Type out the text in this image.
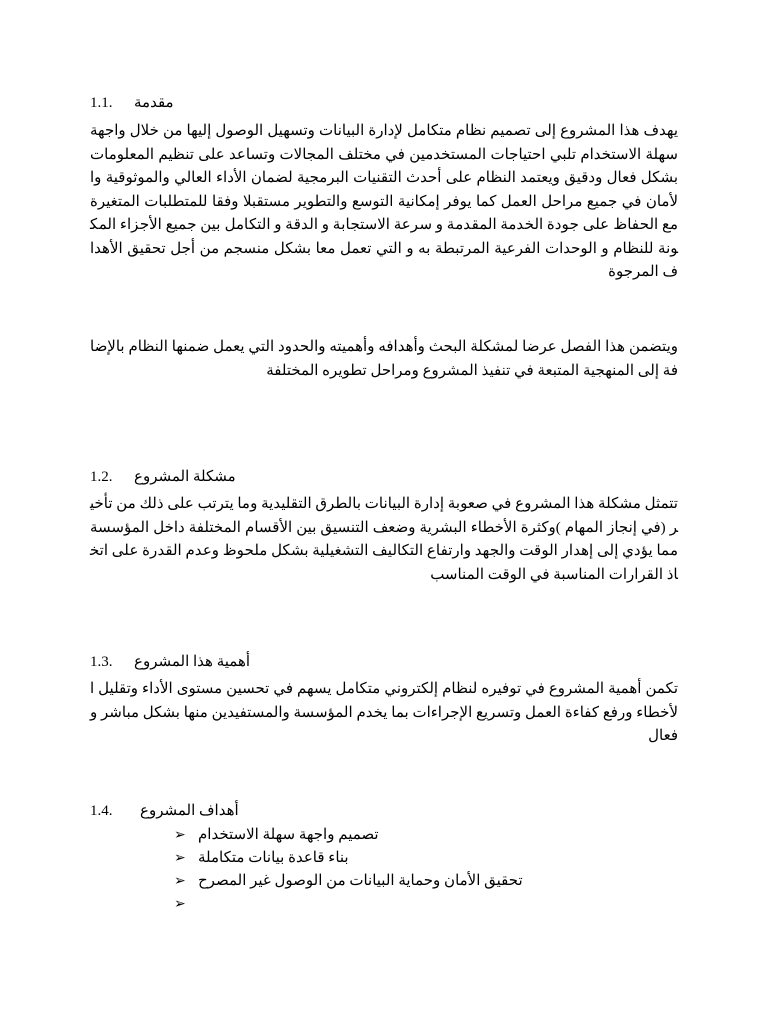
1.1.	مقدمة
يهدف هذا المشروع إلى تصميم نظام متكامل لإدارة البيانات وتسهيل الوصول إليها من خلال واجهة سهلة الاستخدام تلبي احتياجات المستخدمين في مختلف المجالات وتساعد على تنظيم المعلومات بشكل فعال ودقيق ويعتمد النظام على أحدث التقنيات البرمجية لضمان الأداء العالي والموثوقية والأمان في جميع مراحل العمل كما يوفر إمكانية التوسع والتطوير مستقبلا وفقا للمتطلبات المتغيرة مع الحفاظ على جودة الخدمة المقدمة و سرعة الاستجابة و الدقة و التكامل بين جميع الأجزاء المكونة للنظام و الوحدات الفرعية المرتبطة به و التي تعمل معا بشكل منسجم من أجل تحقيق الأهداف المرجوة
ويتضمن هذا الفصل عرضا لمشكلة البحث وأهدافه وأهميته والحدود التي يعمل ضمنها النظام بالإضافة إلى المنهجية المتبعة في تنفيذ المشروع ومراحل تطويره المختلفة
1.2.	مشكلة المشروع
تتمثل مشكلة هذا المشروع في صعوبة إدارة البيانات بالطرق التقليدية وما يترتب على ذلك من تأخير (في إنجاز المهام )وكثرة الأخطاء البشرية وضعف التنسيق بين الأقسام المختلفة داخل المؤسسة مما يؤدي إلى إهدار الوقت والجهد وارتفاع التكاليف التشغيلية بشكل ملحوظ وعدم القدرة على اتخاذ القرارات المناسبة في الوقت المناسب
1.3.	أهمية هذا المشروع
تكمن أهمية المشروع في توفيره لنظام إلكتروني متكامل يسهم في تحسين مستوى الأداء وتقليل الأخطاء ورفع كفاءة العمل وتسريع الإجراءات بما يخدم المؤسسة والمستفيدين منها بشكل مباشر وفعال
1.4.	أهداف المشروع
➢ تصميم واجهة سهلة الاستخدام
➢ بناء قاعدة بيانات متكاملة
➢ تحقيق الأمان وحماية البيانات من الوصول غير المصرح
➢
